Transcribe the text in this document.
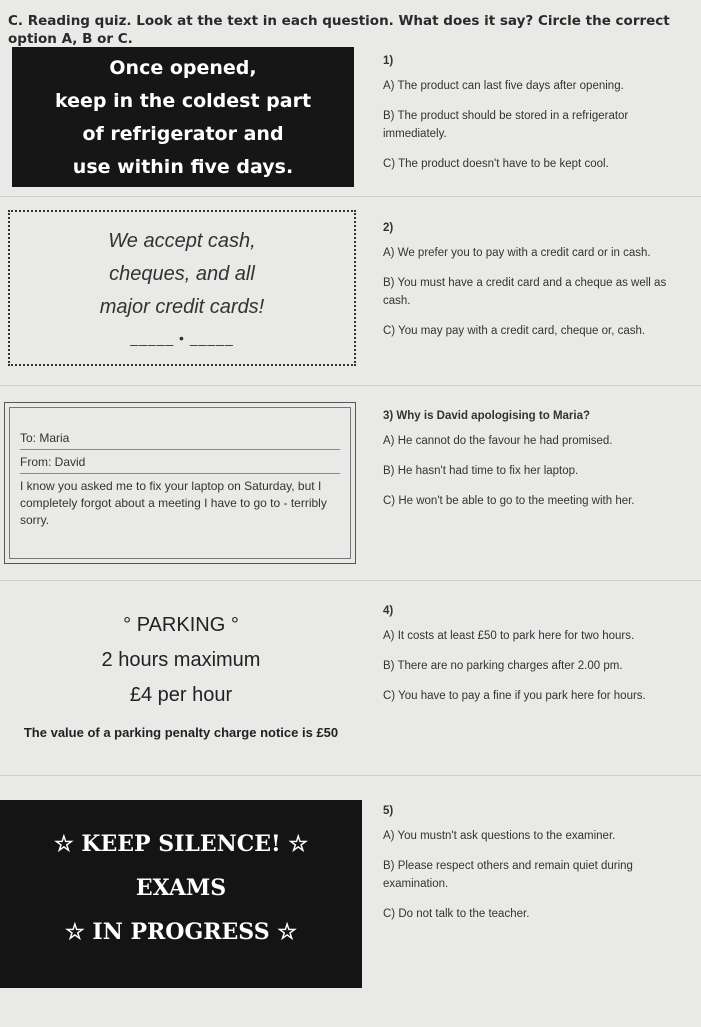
C. Reading quiz. Look at the text in each question. What does it say? Circle the correct option A, B or C.
Once opened,
keep in the coldest part
of refrigerator and
use within five days.
1)
A) The product can last five days after opening.
B) The product should be stored in a refrigerator immediately.
C) The product doesn't have to be kept cool.
We accept cash,
cheques, and all
major credit cards!
_____ • _____
2)
A) We prefer you to pay with a credit card or in cash.
B) You must have a credit card and a cheque as well as cash.
C) You may pay with a credit card, cheque or, cash.
To: Maria
From: David
I know you asked me to fix your laptop on Saturday, but I completely forgot about a meeting I have to go to - terribly sorry.
3) Why is David apologising to Maria?
A) He cannot do the favour he had promised.
B) He hasn't had time to fix her laptop.
C) He won't be able to go to the meeting with her.
° PARKING °
2 hours maximum
£4 per hour
The value of a parking penalty charge notice is £50
4)
A) It costs at least £50 to park here for two hours.
B) There are no parking charges after 2.00 pm.
C) You have to pay a fine if you park here for hours.
☆ KEEP SILENCE! ☆
EXAMS
☆ IN PROGRESS ☆
5)
A) You mustn't ask questions to the examiner.
B) Please respect others and remain quiet during examination.
C) Do not talk to the teacher.
